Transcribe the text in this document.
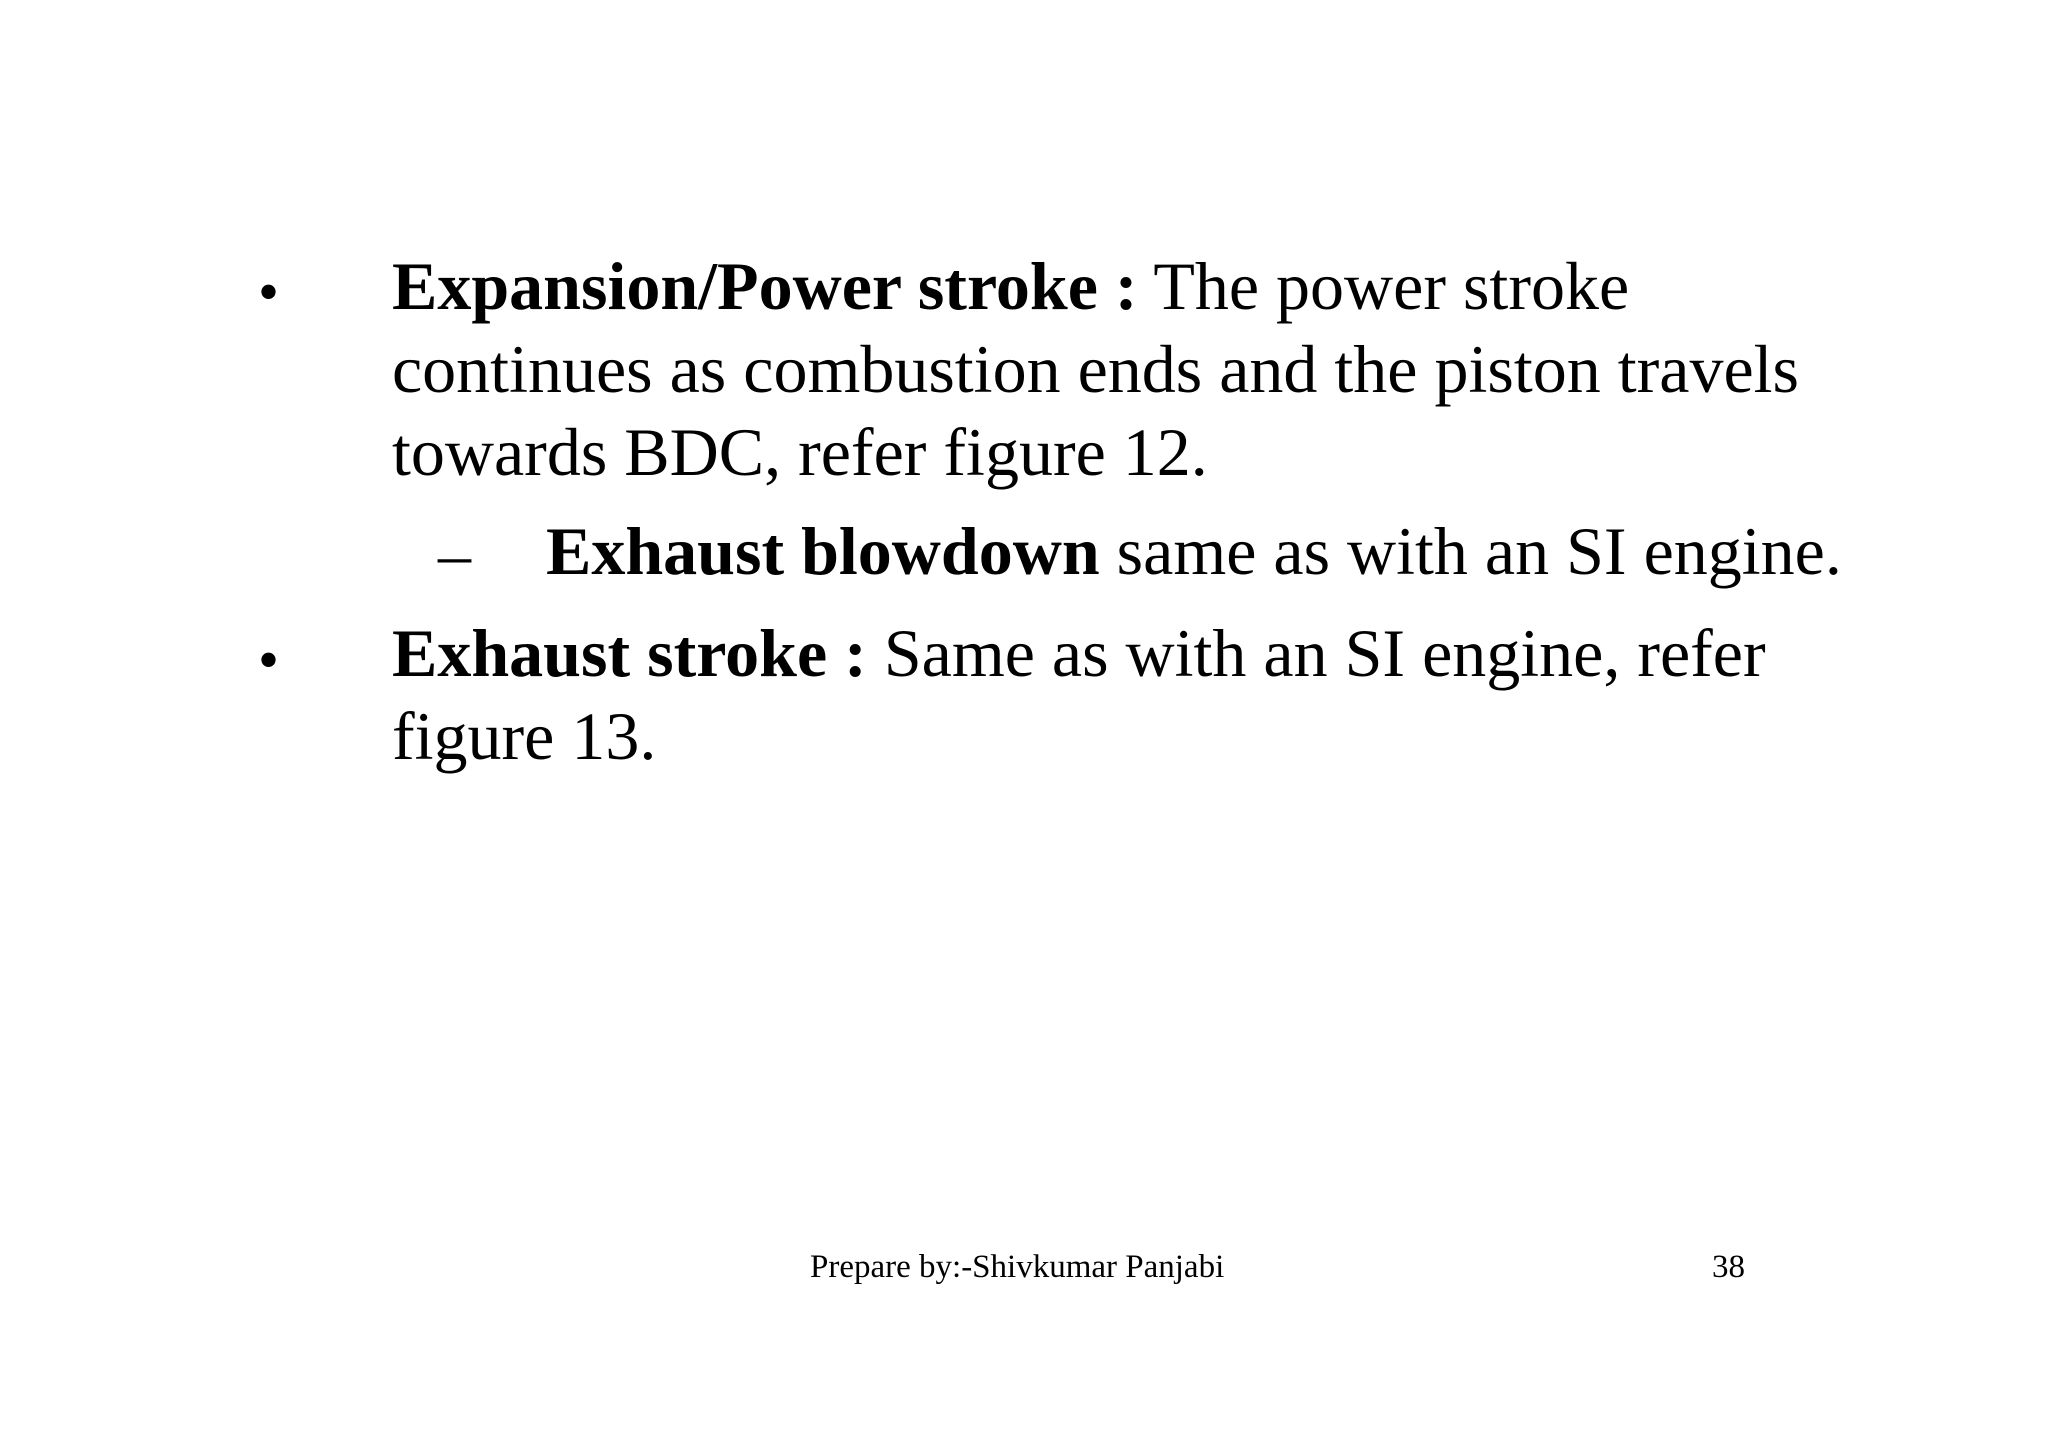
• Expansion/Power stroke : The power stroke
continues as combustion ends and the piston travels
towards BDC, refer figure 12.
– Exhaust blowdown same as with an SI engine.
• Exhaust stroke : Same as with an SI engine, refer
figure 13.
Prepare by:-Shivkumar Panjabi	38
